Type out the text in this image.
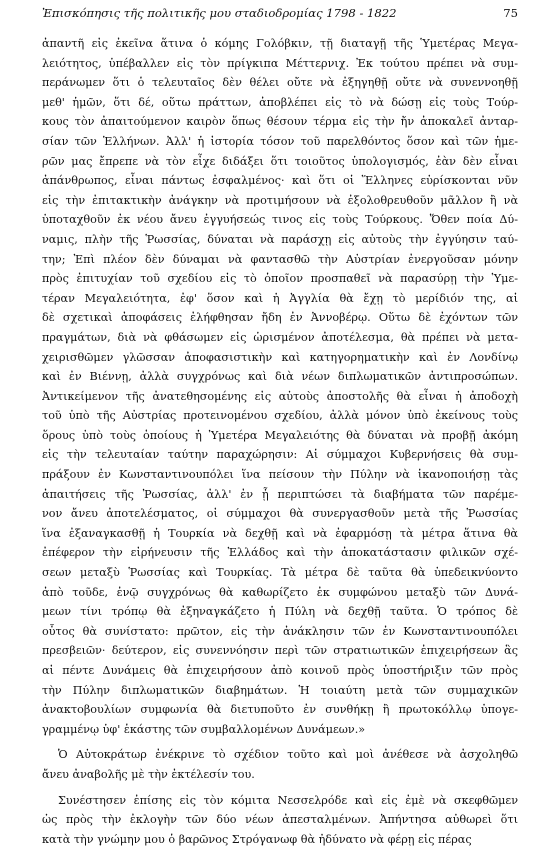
Ἐπισκόπησις τῆς πολιτικῆς μου σταδιοδρομίας 1798 - 1822	75
ἀπαντῆ εἰς ἐκεῖνα ἅτινα ὁ κόμης Γολόβκιν, τῇ διαταγῇ τῆς Ὑμετέρας Μεγα-
λειότητος, ὑπέβαλλεν εἰς τὸν πρίγκιπα Μέττερνιχ. Ἐκ τούτου πρέπει νὰ συμ-
περάνωμεν ὅτι ὁ τελευταῖος δὲν θέλει οὔτε νὰ ἐξηγηθῇ οὔτε νὰ συνεννοηθῇ
μεθ' ἡμῶν, ὅτι δέ, οὕτω πράττων, ἀποβλέπει εἰς τὸ νὰ δώσῃ εἰς τοὺς Τούρ-
κους τὸν ἀπαιτούμενον καιρὸν ὅπως θέσουν τέρμα εἰς τὴν ἤν ἀποκαλεῖ ἀνταρ-
σίαν τῶν Ἑλλήνων. Ἀλλ' ἡ ἱστορία τόσον τοῦ παρελθόντος ὅσον καὶ τῶν ἡμε-
ρῶν μας ἔπρεπε νὰ τὸν εἶχε διδάξει ὅτι τοιοῦτος ὑπολογισμός, ἐὰν δὲν εἶναι
ἀπάνθρωπος, εἶναι πάντως ἐσφαλμένος· καὶ ὅτι οἱ Ἕλληνες εὑρίσκονται νῦν
εἰς τὴν ἐπιτακτικὴν ἀνάγκην νὰ προτιμήσουν νὰ ἐξολοθρευθοῦν μᾶλλον ἢ νὰ
ὑποταχθοῦν ἐκ νέου ἄνευ ἐγγυήσεώς τινος εἰς τοὺς Τούρκους. Ὅθεν ποία Δύ-
ναμις, πλὴν τῆς Ῥωσσίας, δύναται νὰ παράσχῃ εἰς αὐτοὺς τὴν ἐγγύησιν ταύ-
την; Ἐπὶ πλέον δὲν δύναμαι νὰ φαντασθῶ τὴν Αὐστρίαν ἐνεργοῦσαν μόνην
πρὸς ἐπιτυχίαν τοῦ σχεδίου εἰς τὸ ὁποῖον προσπαθεῖ νὰ παρασύρῃ τὴν Ὑμε-
τέραν Μεγαλειότητα, ἐφ' ὅσον καὶ ἡ Ἀγγλία θὰ ἔχῃ τὸ μερίδιόν της, αἱ
δὲ σχετικαὶ ἀποφάσεις ἐλήφθησαν ἤδη ἐν Ἀννοβέρῳ. Οὕτω δὲ ἐχόντων τῶν
πραγμάτων, διὰ νὰ φθάσωμεν εἰς ὡρισμένον ἀποτέλεσμα, θὰ πρέπει νὰ μετα-
χειρισθῶμεν γλῶσσαν ἀποφασιστικὴν καὶ κατηγορηματικὴν καὶ ἐν Λονδίνῳ
καὶ ἐν Βιέννῃ, ἀλλὰ συγχρόνως καὶ διὰ νέων διπλωματικῶν ἀντιπροσώπων.
Ἀντικείμενον τῆς ἀνατεθησομένης εἰς αὐτοὺς ἀποστολῆς θὰ εἶναι ἡ ἀποδοχὴ
τοῦ ὑπὸ τῆς Αὐστρίας προτεινομένου σχεδίου, ἀλλὰ μόνον ὑπὸ ἐκείνους τοὺς
ὅρους ὑπὸ τοὺς ὁποίους ἡ Ὑμετέρα Μεγαλειότης θὰ δύναται νὰ προβῇ ἀκόμη
εἰς τὴν τελευταίαν ταύτην παραχώρησιν: Αἱ σύμμαχοι Κυβερνήσεις θὰ συμ-
πράξουν ἐν Κωνσταντινουπόλει ἵνα πείσουν τὴν Πύλην νὰ ἱκανοποιήσῃ τὰς
ἀπαιτήσεις τῆς Ῥωσσίας, ἀλλ' ἐν ᾗ περιπτώσει τὰ διαβήματα τῶν παρέμε-
νον ἄνευ ἀποτελέσματος, οἱ σύμμαχοι θὰ συνεργασθοῦν μετὰ τῆς Ῥωσσίας
ἵνα ἐξαναγκασθῇ ἡ Τουρκία νὰ δεχθῇ καὶ νὰ ἐφαρμόσῃ τὰ μέτρα ἅτινα θὰ
ἐπέφερον τὴν εἰρήνευσιν τῆς Ἑλλάδος καὶ τὴν ἀποκατάστασιν φιλικῶν σχέ-
σεων μεταξὺ Ῥωσσίας καὶ Τουρκίας. Τὰ μέτρα δὲ ταῦτα θὰ ὑπεδεικνύοντο
ἀπὸ τοῦδε, ἐνῷ συγχρόνως θὰ καθωρίζετο ἐκ συμφώνου μεταξὺ τῶν Δυνά-
μεων τίνι τρόπῳ θὰ ἐξηναγκάζετο ἡ Πύλη νὰ δεχθῇ ταῦτα. Ὁ τρόπος δὲ
οὗτος θὰ συνίστατο: πρῶτον, εἰς τὴν ἀνάκλησιν τῶν ἐν Κωνσταντινουπόλει
πρεσβειῶν· δεύτερον, εἰς συνεννόησιν περὶ τῶν στρατιωτικῶν ἐπιχειρήσεων ἃς
αἱ πέντε Δυνάμεις θὰ ἐπιχειρήσουν ἀπὸ κοινοῦ πρὸς ὑποστήριξιν τῶν πρὸς
τὴν Πύλην διπλωματικῶν διαβημάτων. Ἡ τοιαύτη μετὰ τῶν συμμαχικῶν
ἀνακτοβουλίων συμφωνία θὰ διετυποῦτο ἐν συνθήκῃ ἢ πρωτοκόλλῳ ὑπογε-
γραμμένῳ ὑφ' ἑκάστης τῶν συμβαλλομένων Δυνάμεων.»
Ὁ Αὐτοκράτωρ ἐνέκρινε τὸ σχέδιον τοῦτο καὶ μοὶ ἀνέθεσε νὰ ἀσχοληθῶ
ἄνευ ἀναβολῆς μὲ τὴν ἐκτέλεσίν του.
Συνέστησεν ἐπίσης εἰς τὸν κόμιτα Νεσσελρόδε καὶ εἰς ἐμὲ νὰ σκεφθῶμεν
ὡς πρὸς τὴν ἐκλογὴν τῶν δύο νέων ἀπεσταλμένων. Ἀπήντησα αὐθωρεὶ ὅτι
κατὰ τὴν γνώμην μου ὁ βαρῶνος Στρόγανωφ θὰ ἠδύνατο νὰ φέρῃ εἰς πέρας
